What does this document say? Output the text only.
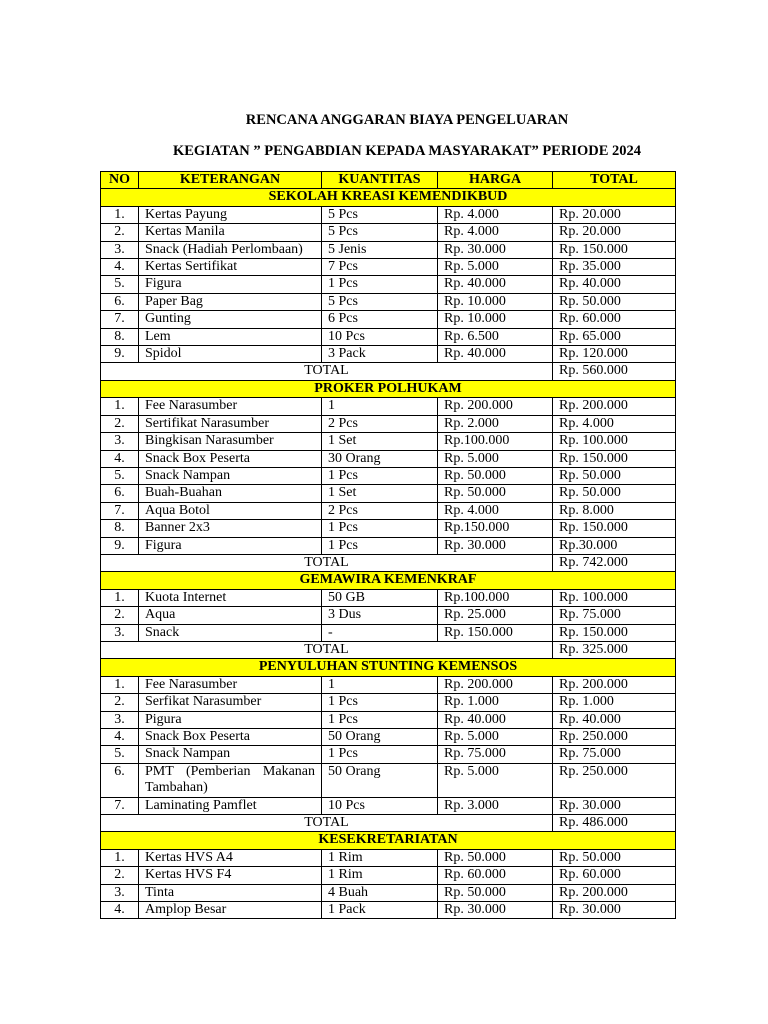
RENCANA ANGGARAN BIAYA PENGELUARAN
KEGIATAN ” PENGABDIAN KEPADA MASYARAKAT” PERIODE 2024
NO	KETERANGAN	KUANTITAS	HARGA	TOTAL
SEKOLAH KREASI KEMENDIKBUD				
1.	Kertas Payung	5 Pcs	Rp. 4.000	Rp. 20.000
2.	Kertas Manila	5 Pcs	Rp. 4.000	Rp. 20.000
3.	Snack (Hadiah Perlombaan)	5 Jenis	Rp. 30.000	Rp. 150.000
4.	Kertas Sertifikat	7 Pcs	Rp. 5.000	Rp. 35.000
5.	Figura	1 Pcs	Rp. 40.000	Rp. 40.000
6.	Paper Bag	5 Pcs	Rp. 10.000	Rp. 50.000
7.	Gunting	6 Pcs	Rp. 10.000	Rp. 60.000
8.	Lem	10 Pcs	Rp. 6.500	Rp. 65.000
9.	Spidol	3 Pack	Rp. 40.000	Rp. 120.000
TOTAL				Rp. 560.000
PROKER POLHUKAM				
1.	Fee Narasumber	1	Rp. 200.000	Rp. 200.000
2.	Sertifikat Narasumber	2 Pcs	Rp. 2.000	Rp. 4.000
3.	Bingkisan Narasumber	1 Set	Rp.100.000	Rp. 100.000
4.	Snack Box Peserta	30 Orang	Rp. 5.000	Rp. 150.000
5.	Snack Nampan	1 Pcs	Rp. 50.000	Rp. 50.000
6.	Buah-Buahan	1 Set	Rp. 50.000	Rp. 50.000
7.	Aqua Botol	2 Pcs	Rp. 4.000	Rp. 8.000
8.	Banner 2x3	1 Pcs	Rp.150.000	Rp. 150.000
9.	Figura	1 Pcs	Rp. 30.000	Rp.30.000
TOTAL				Rp. 742.000
GEMAWIRA KEMENKRAF				
1.	Kuota Internet	50 GB	Rp.100.000	Rp. 100.000
2.	Aqua	3 Dus	Rp. 25.000	Rp. 75.000
3.	Snack	-	Rp. 150.000	Rp. 150.000
TOTAL				Rp. 325.000
PENYULUHAN STUNTING KEMENSOS				
1.	Fee Narasumber	1	Rp. 200.000	Rp. 200.000
2.	Serfikat Narasumber	1 Pcs	Rp. 1.000	Rp. 1.000
3.	Pigura	1 Pcs	Rp. 40.000	Rp. 40.000
4.	Snack Box Peserta	50 Orang	Rp. 5.000	Rp. 250.000
5.	Snack Nampan	1 Pcs	Rp. 75.000	Rp. 75.000
6.	PMT (Pemberian Makanan Tambahan)	50 Orang	Rp. 5.000	Rp. 250.000
7.	Laminating Pamflet	10 Pcs	Rp. 3.000	Rp. 30.000
TOTAL				Rp. 486.000
KESEKRETARIATAN				
1.	Kertas HVS A4	1 Rim	Rp. 50.000	Rp. 50.000
2.	Kertas HVS F4	1 Rim	Rp. 60.000	Rp. 60.000
3.	Tinta	4 Buah	Rp. 50.000	Rp. 200.000
4.	Amplop Besar	1 Pack	Rp. 30.000	Rp. 30.000
